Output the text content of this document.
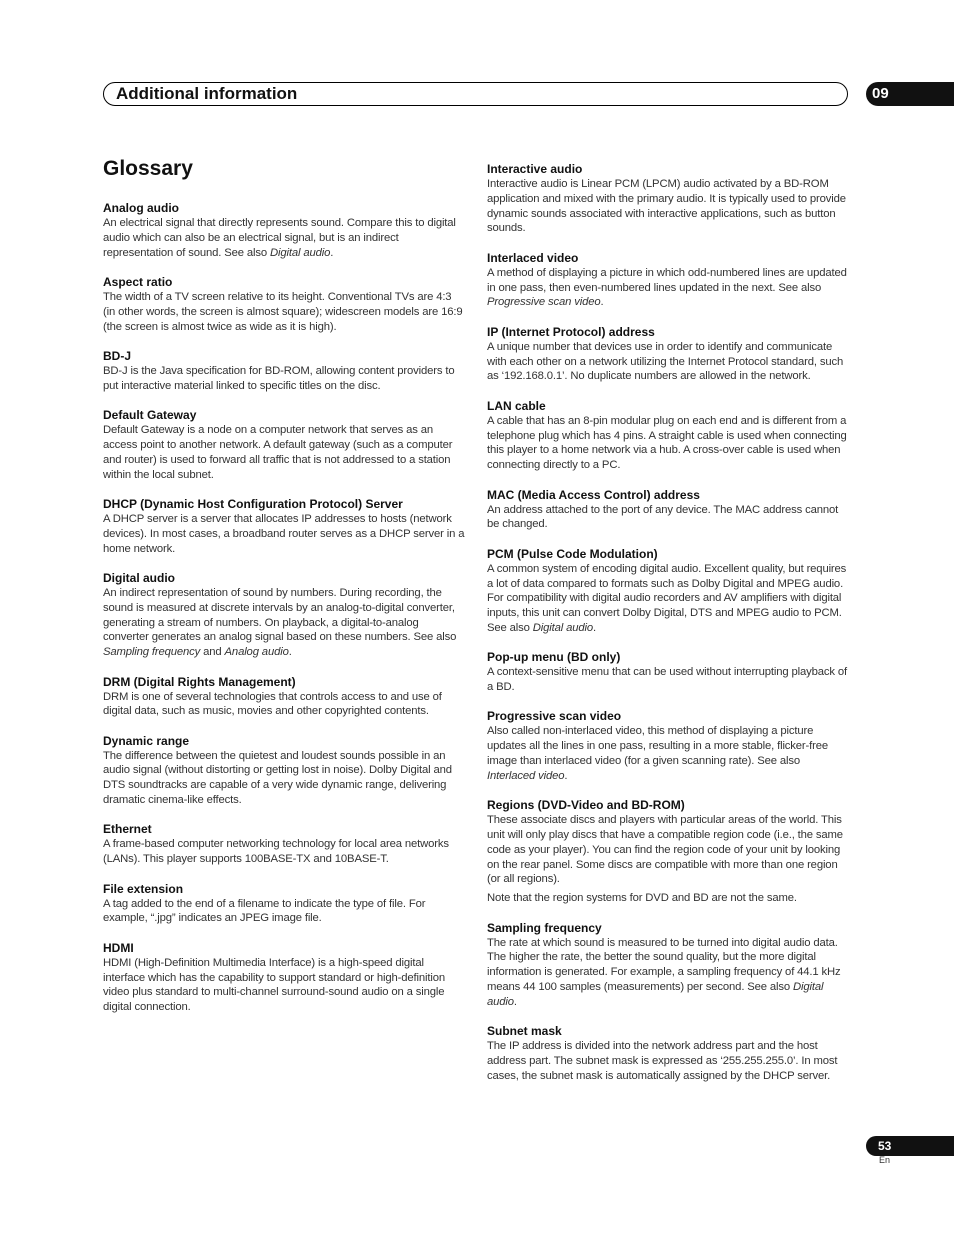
Additional information	09
Glossary

Analog audio

An electrical signal that directly represents sound. Compare this to digital audio which can also be an electrical signal, but is an indirect representation of sound. See also Digital audio.

Aspect ratio

The width of a TV screen relative to its height. Conventional TVs are 4:3 (in other words, the screen is almost square); widescreen models are 16:9 (the screen is almost twice as wide as it is high).

BD-J

BD-J is the Java specification for BD-ROM, allowing content providers to put interactive material linked to specific titles on the disc.

Default Gateway

Default Gateway is a node on a computer network that serves as an access point to another network. A default gateway (such as a computer and router) is used to forward all traffic that is not addressed to a station within the local subnet.

DHCP (Dynamic Host Configuration Protocol) Server

A DHCP server is a server that allocates IP addresses to hosts (network devices). In most cases, a broadband router serves as a DHCP server in a home network.

Digital audio

An indirect representation of sound by numbers. During recording, the sound is measured at discrete intervals by an analog-to-digital converter, generating a stream of numbers. On playback, a digital-to-analog converter generates an analog signal based on these numbers. See also Sampling frequency and Analog audio.

DRM (Digital Rights Management)

DRM is one of several technologies that controls access to and use of digital data, such as music, movies and other copyrighted contents.

Dynamic range

The difference between the quietest and loudest sounds possible in an audio signal (without distorting or getting lost in noise). Dolby Digital and DTS soundtracks are capable of a very wide dynamic range, delivering dramatic cinema-like effects.

Ethernet

A frame-based computer networking technology for local area networks (LANs). This player supports 100BASE-TX and 10BASE-T.

File extension

A tag added to the end of a filename to indicate the type of file. For example, “.jpg” indicates an JPEG image file.

HDMI

HDMI (High-Definition Multimedia Interface) is a high-speed digital interface which has the capability to support standard or high-definition video plus standard to multi-channel surround-sound audio on a single digital connection.

Interactive audio

Interactive audio is Linear PCM (LPCM) audio activated by a BD-ROM application and mixed with the primary audio. It is typically used to provide dynamic sounds associated with interactive applications, such as button sounds.

Interlaced video

A method of displaying a picture in which odd-numbered lines are updated in one pass, then even-numbered lines updated in the next. See also Progressive scan video.

IP (Internet Protocol) address

A unique number that devices use in order to identify and communicate with each other on a network utilizing the Internet Protocol standard, such as ‘192.168.0.1’. No duplicate numbers are allowed in the network.

LAN cable

A cable that has an 8-pin modular plug on each end and is different from a telephone plug which has 4 pins. A straight cable is used when connecting this player to a home network via a hub. A cross-over cable is used when connecting directly to a PC.

MAC (Media Access Control) address

An address attached to the port of any device. The MAC address cannot be changed.

PCM (Pulse Code Modulation)

A common system of encoding digital audio. Excellent quality, but requires a lot of data compared to formats such as Dolby Digital and MPEG audio. For compatibility with digital audio recorders and AV amplifiers with digital inputs, this unit can convert Dolby Digital, DTS and MPEG audio to PCM. See also Digital audio.

Pop-up menu (BD only)

A context-sensitive menu that can be used without interrupting playback of a BD.

Progressive scan video

Also called non-interlaced video, this method of displaying a picture updates all the lines in one pass, resulting in a more stable, flicker-free image than interlaced video (for a given scanning rate). See also Interlaced video.

Regions (DVD-Video and BD-ROM)

These associate discs and players with particular areas of the world. This unit will only play discs that have a compatible region code (i.e., the same code as your player). You can find the region code of your unit by looking on the rear panel. Some discs are compatible with more than one region (or all regions).

Note that the region systems for DVD and BD are not the same.

Sampling frequency

The rate at which sound is measured to be turned into digital audio data. The higher the rate, the better the sound quality, but the more digital information is generated. For example, a sampling frequency of 44.1 kHz means 44 100 samples (measurements) per second. See also Digital audio.

Subnet mask

The IP address is divided into the network address part and the host address part. The subnet mask is expressed as ‘255.255.255.0’. In most cases, the subnet mask is automatically assigned by the DHCP server.

53
En
